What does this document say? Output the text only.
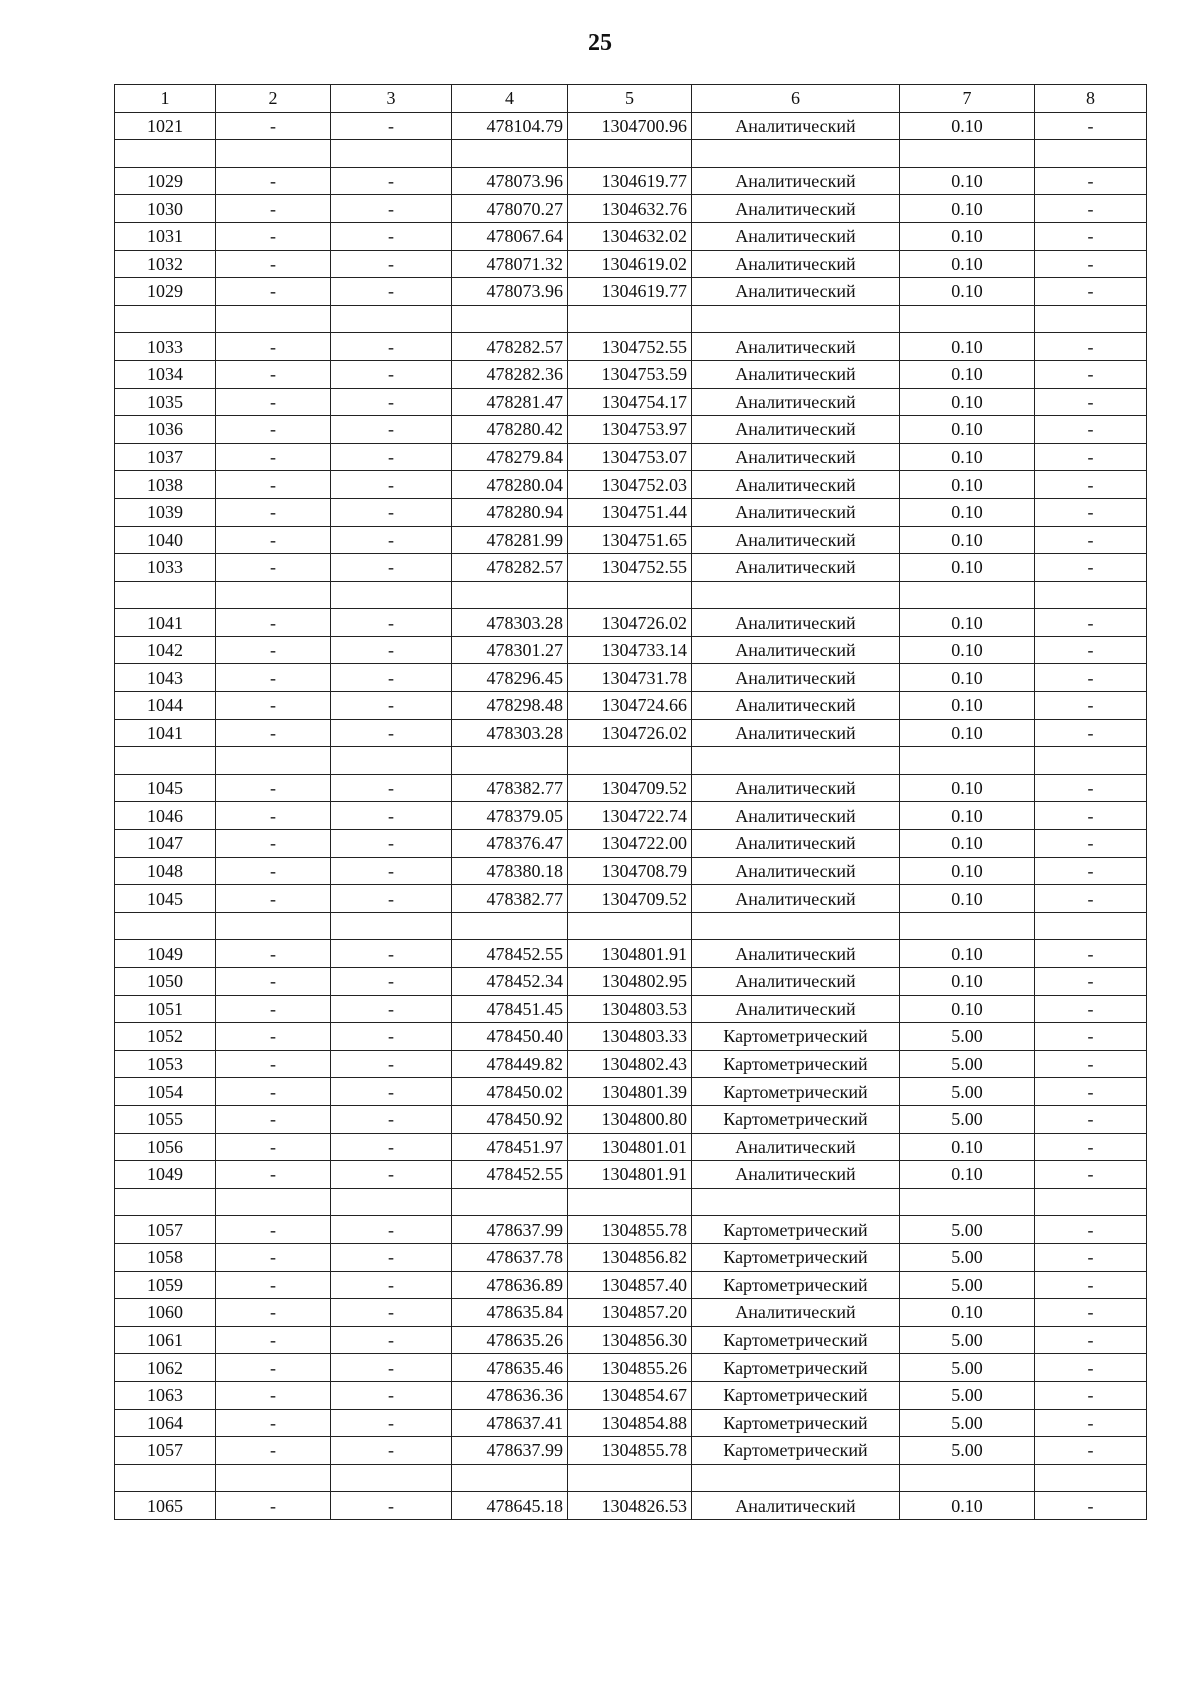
25
1	2	3	4	5	6	7	8
1021	-	-	478104.79	1304700.96	Аналитический	0.10	-

1029	-	-	478073.96	1304619.77	Аналитический	0.10	-
1030	-	-	478070.27	1304632.76	Аналитический	0.10	-
1031	-	-	478067.64	1304632.02	Аналитический	0.10	-
1032	-	-	478071.32	1304619.02	Аналитический	0.10	-
1029	-	-	478073.96	1304619.77	Аналитический	0.10	-

1033	-	-	478282.57	1304752.55	Аналитический	0.10	-
1034	-	-	478282.36	1304753.59	Аналитический	0.10	-
1035	-	-	478281.47	1304754.17	Аналитический	0.10	-
1036	-	-	478280.42	1304753.97	Аналитический	0.10	-
1037	-	-	478279.84	1304753.07	Аналитический	0.10	-
1038	-	-	478280.04	1304752.03	Аналитический	0.10	-
1039	-	-	478280.94	1304751.44	Аналитический	0.10	-
1040	-	-	478281.99	1304751.65	Аналитический	0.10	-
1033	-	-	478282.57	1304752.55	Аналитический	0.10	-

1041	-	-	478303.28	1304726.02	Аналитический	0.10	-
1042	-	-	478301.27	1304733.14	Аналитический	0.10	-
1043	-	-	478296.45	1304731.78	Аналитический	0.10	-
1044	-	-	478298.48	1304724.66	Аналитический	0.10	-
1041	-	-	478303.28	1304726.02	Аналитический	0.10	-

1045	-	-	478382.77	1304709.52	Аналитический	0.10	-
1046	-	-	478379.05	1304722.74	Аналитический	0.10	-
1047	-	-	478376.47	1304722.00	Аналитический	0.10	-
1048	-	-	478380.18	1304708.79	Аналитический	0.10	-
1045	-	-	478382.77	1304709.52	Аналитический	0.10	-

1049	-	-	478452.55	1304801.91	Аналитический	0.10	-
1050	-	-	478452.34	1304802.95	Аналитический	0.10	-
1051	-	-	478451.45	1304803.53	Аналитический	0.10	-
1052	-	-	478450.40	1304803.33	Картометрический	5.00	-
1053	-	-	478449.82	1304802.43	Картометрический	5.00	-
1054	-	-	478450.02	1304801.39	Картометрический	5.00	-
1055	-	-	478450.92	1304800.80	Картометрический	5.00	-
1056	-	-	478451.97	1304801.01	Аналитический	0.10	-
1049	-	-	478452.55	1304801.91	Аналитический	0.10	-

1057	-	-	478637.99	1304855.78	Картометрический	5.00	-
1058	-	-	478637.78	1304856.82	Картометрический	5.00	-
1059	-	-	478636.89	1304857.40	Картометрический	5.00	-
1060	-	-	478635.84	1304857.20	Аналитический	0.10	-
1061	-	-	478635.26	1304856.30	Картометрический	5.00	-
1062	-	-	478635.46	1304855.26	Картометрический	5.00	-
1063	-	-	478636.36	1304854.67	Картометрический	5.00	-
1064	-	-	478637.41	1304854.88	Картометрический	5.00	-
1057	-	-	478637.99	1304855.78	Картометрический	5.00	-

1065	-	-	478645.18	1304826.53	Аналитический	0.10	-
